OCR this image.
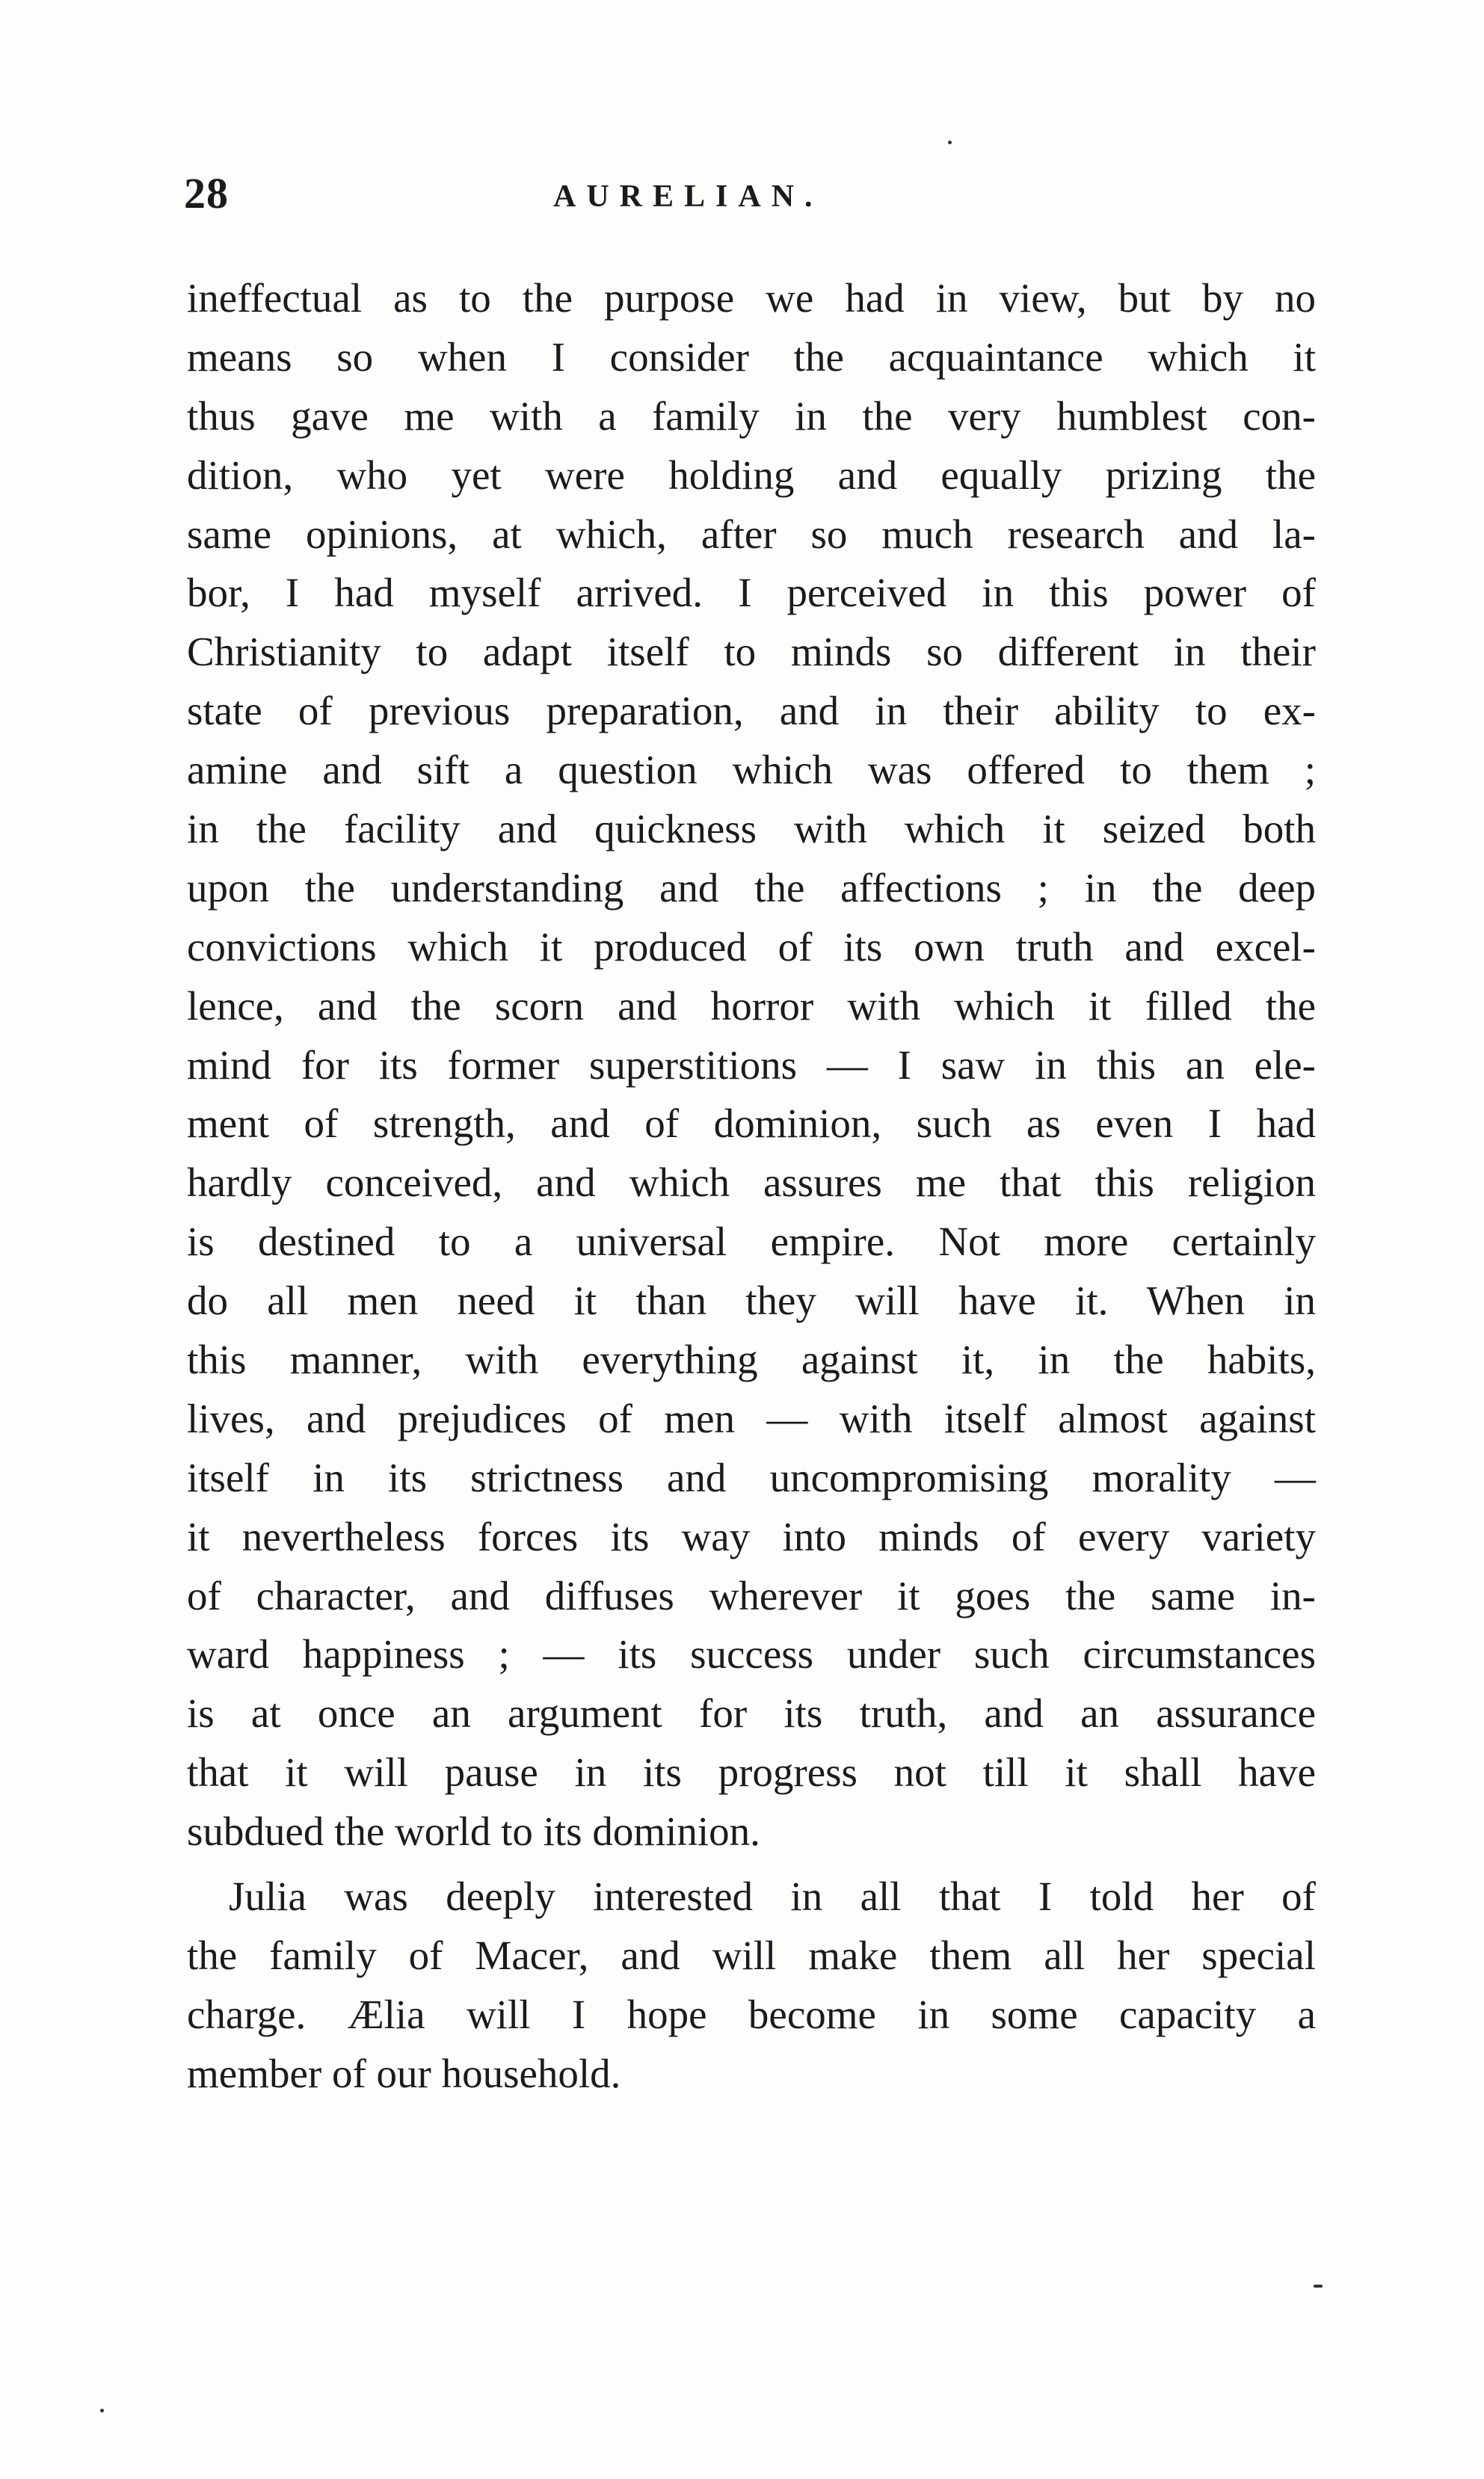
28	AURELIAN.
ineffectual as to the purpose we had in view, but by no
means so when I consider the acquaintance which it
thus gave me with a family in the very humblest con-
dition, who yet were holding and equally prizing the
same opinions, at which, after so much research and la-
bor, I had myself arrived. I perceived in this power of
Christianity to adapt itself to minds so different in their
state of previous preparation, and in their ability to ex-
amine and sift a question which was offered to them ;
in the facility and quickness with which it seized both
upon the understanding and the affections ; in the deep
convictions which it produced of its own truth and excel-
lence, and the scorn and horror with which it filled the
mind for its former superstitions — I saw in this an ele-
ment of strength, and of dominion, such as even I had
hardly conceived, and which assures me that this religion
is destined to a universal empire. Not more certainly
do all men need it than they will have it. When in
this manner, with everything against it, in the habits,
lives, and prejudices of men — with itself almost against
itself in its strictness and uncompromising morality —
it nevertheless forces its way into minds of every variety
of character, and diffuses wherever it goes the same in-
ward happiness ; — its success under such circumstances
is at once an argument for its truth, and an assurance
that it will pause in its progress not till it shall have
subdued the world to its dominion.
Julia was deeply interested in all that I told her of
the family of Macer, and will make them all her special
charge. Ælia will I hope become in some capacity a
member of our household.
